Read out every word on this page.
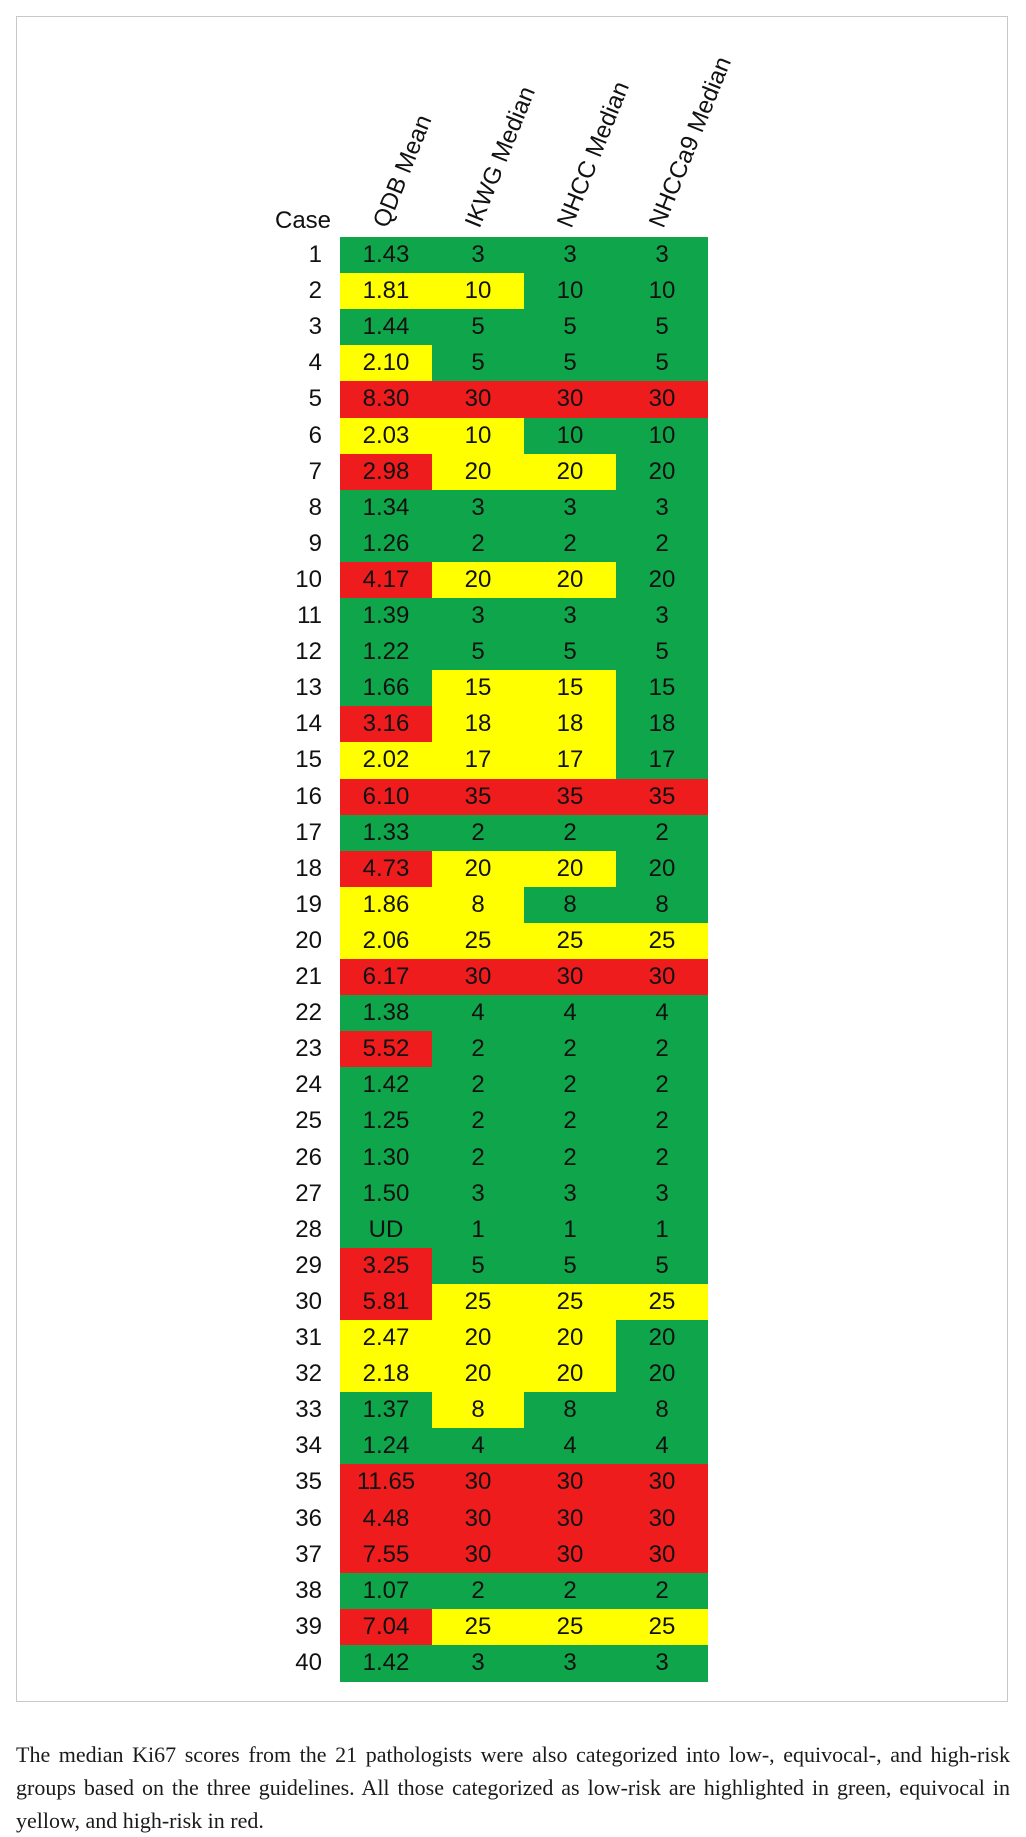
Case QDB Mean IKWG Median NHCC Median NHCCa9 Median
1	1.43	3	3	3
2	1.81	10	10	10
3	1.44	5	5	5
4	2.10	5	5	5
5	8.30	30	30	30
6	2.03	10	10	10
7	2.98	20	20	20
8	1.34	3	3	3
9	1.26	2	2	2
10	4.17	20	20	20
11	1.39	3	3	3
12	1.22	5	5	5
13	1.66	15	15	15
14	3.16	18	18	18
15	2.02	17	17	17
16	6.10	35	35	35
17	1.33	2	2	2
18	4.73	20	20	20
19	1.86	8	8	8
20	2.06	25	25	25
21	6.17	30	30	30
22	1.38	4	4	4
23	5.52	2	2	2
24	1.42	2	2	2
25	1.25	2	2	2
26	1.30	2	2	2
27	1.50	3	3	3
28	UD	1	1	1
29	3.25	5	5	5
30	5.81	25	25	25
31	2.47	20	20	20
32	2.18	20	20	20
33	1.37	8	8	8
34	1.24	4	4	4
35	11.65	30	30	30
36	4.48	30	30	30
37	7.55	30	30	30
38	1.07	2	2	2
39	7.04	25	25	25
40	1.42	3	3	3

The median Ki67 scores from the 21 pathologists were also categorized into low-, equivocal-, and high-risk groups based on the three guidelines. All those categorized as low-risk are highlighted in green, equivocal in yellow, and high-risk in red.
